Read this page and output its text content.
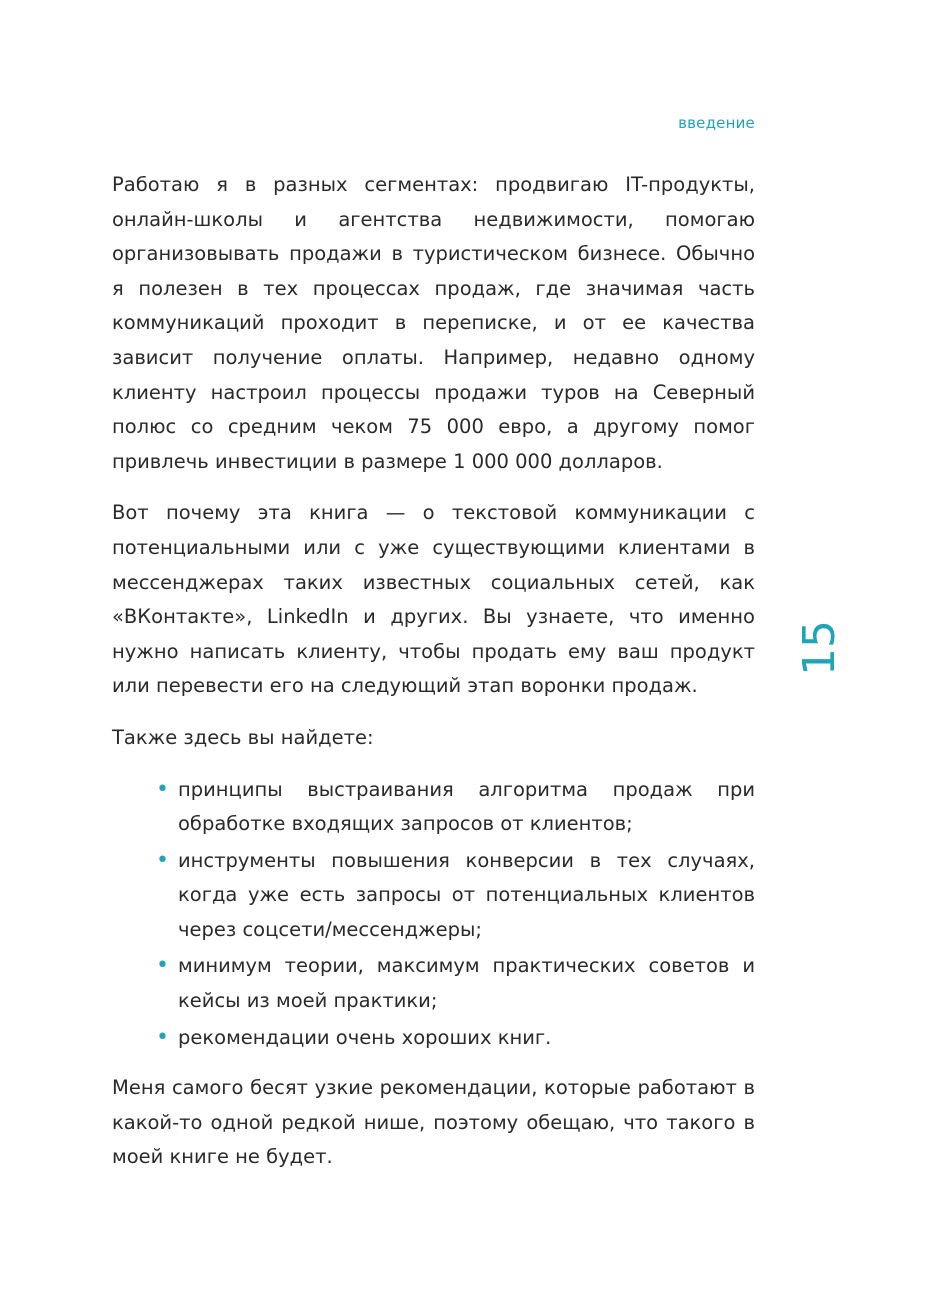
введение
15

Работаю я в разных сегментах: продвигаю IT-продукты, онлайн-школы и агентства недвижимости, помогаю организовывать продажи в туристическом бизнесе. Обычно я полезен в тех процессах продаж, где значимая часть коммуникаций проходит в переписке, и от ее качества зависит получение оплаты. Например, недавно одному клиенту настроил процессы продажи туров на Северный полюс со средним чеком 75 000 евро, а другому помог привлечь инвестиции в размере 1 000 000 долларов.

Вот почему эта книга — о текстовой коммуникации с потенциальными или с уже существующими клиентами в мессенджерах таких известных социальных сетей, как «ВКонтакте», LinkedIn и других. Вы узнаете, что именно нужно написать клиенту, чтобы продать ему ваш продукт или перевести его на следующий этап воронки продаж.

Также здесь вы найдете:

• принципы выстраивания алгоритма продаж при обработке входящих запросов от клиентов;
• инструменты повышения конверсии в тех случаях, когда уже есть запросы от потенциальных клиентов через соцсети/мессенджеры;
• минимум теории, максимум практических советов и кейсы из моей практики;
• рекомендации очень хороших книг.

Меня самого бесят узкие рекомендации, которые работают в какой-то одной редкой нише, поэтому обещаю, что такого в моей книге не будет.
